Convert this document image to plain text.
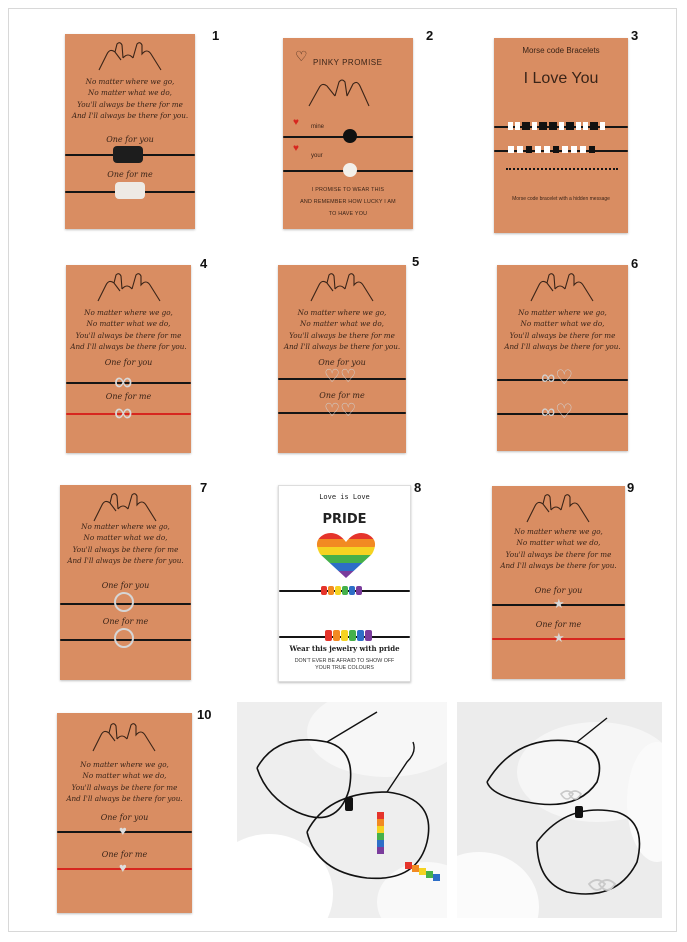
No matter where we go,
No matter what we do,
You'll always be there for me
And I'll always be there for you.
One for you
One for me
1
♡ PINKY PROMISE
♥ mine
♥
your
I PROMISE TO WEAR THIS
AND REMEMBER HOW LUCKY I AM
TO HAVE YOU
2
Morse code Bracelets
I Love You
Morse code bracelet with a hidden message
3
No matter where we go,
No matter what we do,
You'll always be there for me
And I'll always be there for you.
One for you
∞
One for me
∞
4
No matter where we go,
No matter what we do,
You'll always be there for me
And I'll always be there for you.
One for you
♡♡
One for me
♡♡
5
No matter where we go,
No matter what we do,
You'll always be there for me
And I'll always be there for you.
∞♡
∞♡
6
No matter where we go,
No matter what we do,
You'll always be there for me
And I'll always be there for you.
One for you
One for me
7
Love is Love
PRIDE
Wear this jewelry with pride
DON'T EVER BE AFRAID TO SHOW OFF
YOUR TRUE COLOURS
8
No matter where we go,
No matter what we do,
You'll always be there for me
And I'll always be there for you.
One for you
★
One for me
★
9
No matter where we go,
No matter what we do,
You'll always be there for me
And I'll always be there for you.
One for you
♥
One for me
♥
10
